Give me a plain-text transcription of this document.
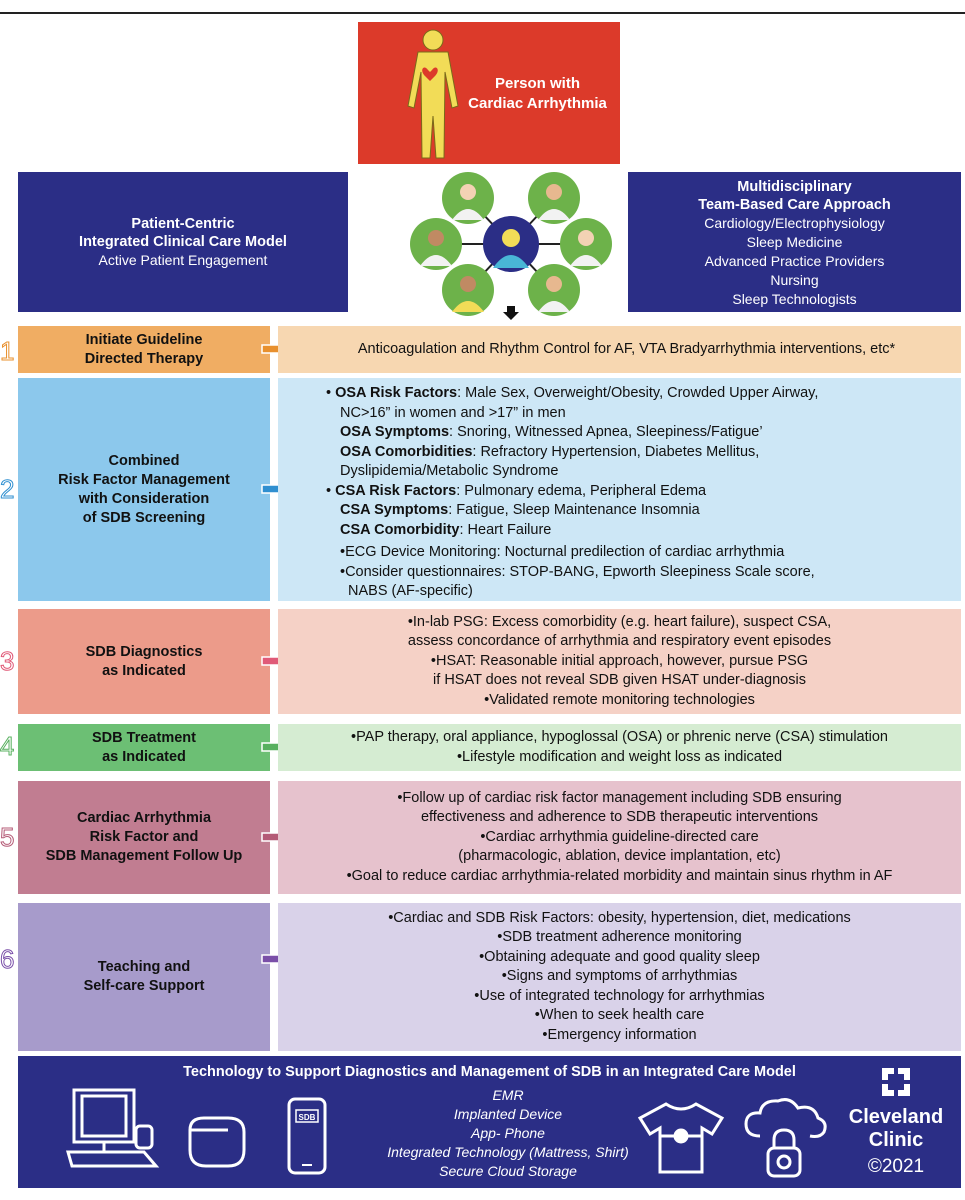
Person with
Cardiac Arrhythmia
Patient-Centric
Integrated Clinical Care Model
Active Patient Engagement
Multidisciplinary
Team-Based Care Approach
Cardiology/Electrophysiology
Sleep Medicine
Advanced Practice Providers
Nursing
Sleep Technologists
1	Initiate Guideline
Directed Therapy
Anticoagulation and Rhythm Control for AF, VTA Bradyarrhythmia interventions, etc*
2
Combined
Risk Factor Management
with Consideration
of SDB Screening
• OSA Risk Factors: Male Sex, Overweight/Obesity, Crowded Upper Airway,
NC>16” in women and >17” in men
OSA Symptoms: Snoring, Witnessed Apnea, Sleepiness/Fatigue’
OSA Comorbidities: Refractory Hypertension, Diabetes Mellitus,
Dyslipidemia/Metabolic Syndrome
• CSA Risk Factors: Pulmonary edema, Peripheral Edema
CSA Symptoms: Fatigue, Sleep Maintenance Insomnia
CSA Comorbidity: Heart Failure
•ECG Device Monitoring: Nocturnal predilection of cardiac arrhythmia
•Consider questionnaires: STOP-BANG, Epworth Sleepiness Scale score,
NABS (AF-specific)
3	SDB Diagnostics
as Indicated
•In-lab PSG: Excess comorbidity (e.g. heart failure), suspect CSA,
assess concordance of arrhythmia and respiratory event episodes
•HSAT: Reasonable initial approach, however, pursue PSG
if HSAT does not reveal SDB given HSAT under-diagnosis
•Validated remote monitoring technologies
4	SDB Treatment
as Indicated
•PAP therapy, oral appliance, hypoglossal (OSA) or phrenic nerve (CSA) stimulation
•Lifestyle modification and weight loss as indicated
5
Cardiac Arrhythmia
Risk Factor and
SDB Management Follow Up
•Follow up of cardiac risk factor management including SDB ensuring
effectiveness and adherence to SDB therapeutic interventions
•Cardiac arrhythmia guideline-directed care
(pharmacologic, ablation, device implantation, etc)
•Goal to reduce cardiac arrhythmia-related morbidity and maintain sinus rhythm in AF
6	Teaching and
Self-care Support
•Cardiac and SDB Risk Factors: obesity, hypertension, diet, medications
•SDB treatment adherence monitoring
•Obtaining adequate and good quality sleep
•Signs and symptoms of arrhythmias
•Use of integrated technology for arrhythmias
•When to seek health care
•Emergency information
Technology to Support Diagnostics and Management of SDB in an Integrated Care Model
SDB
EMR
Implanted Device
App- Phone
Integrated Technology (Mattress, Shirt)
Secure Cloud Storage
Cleveland
Clinic
©2021
